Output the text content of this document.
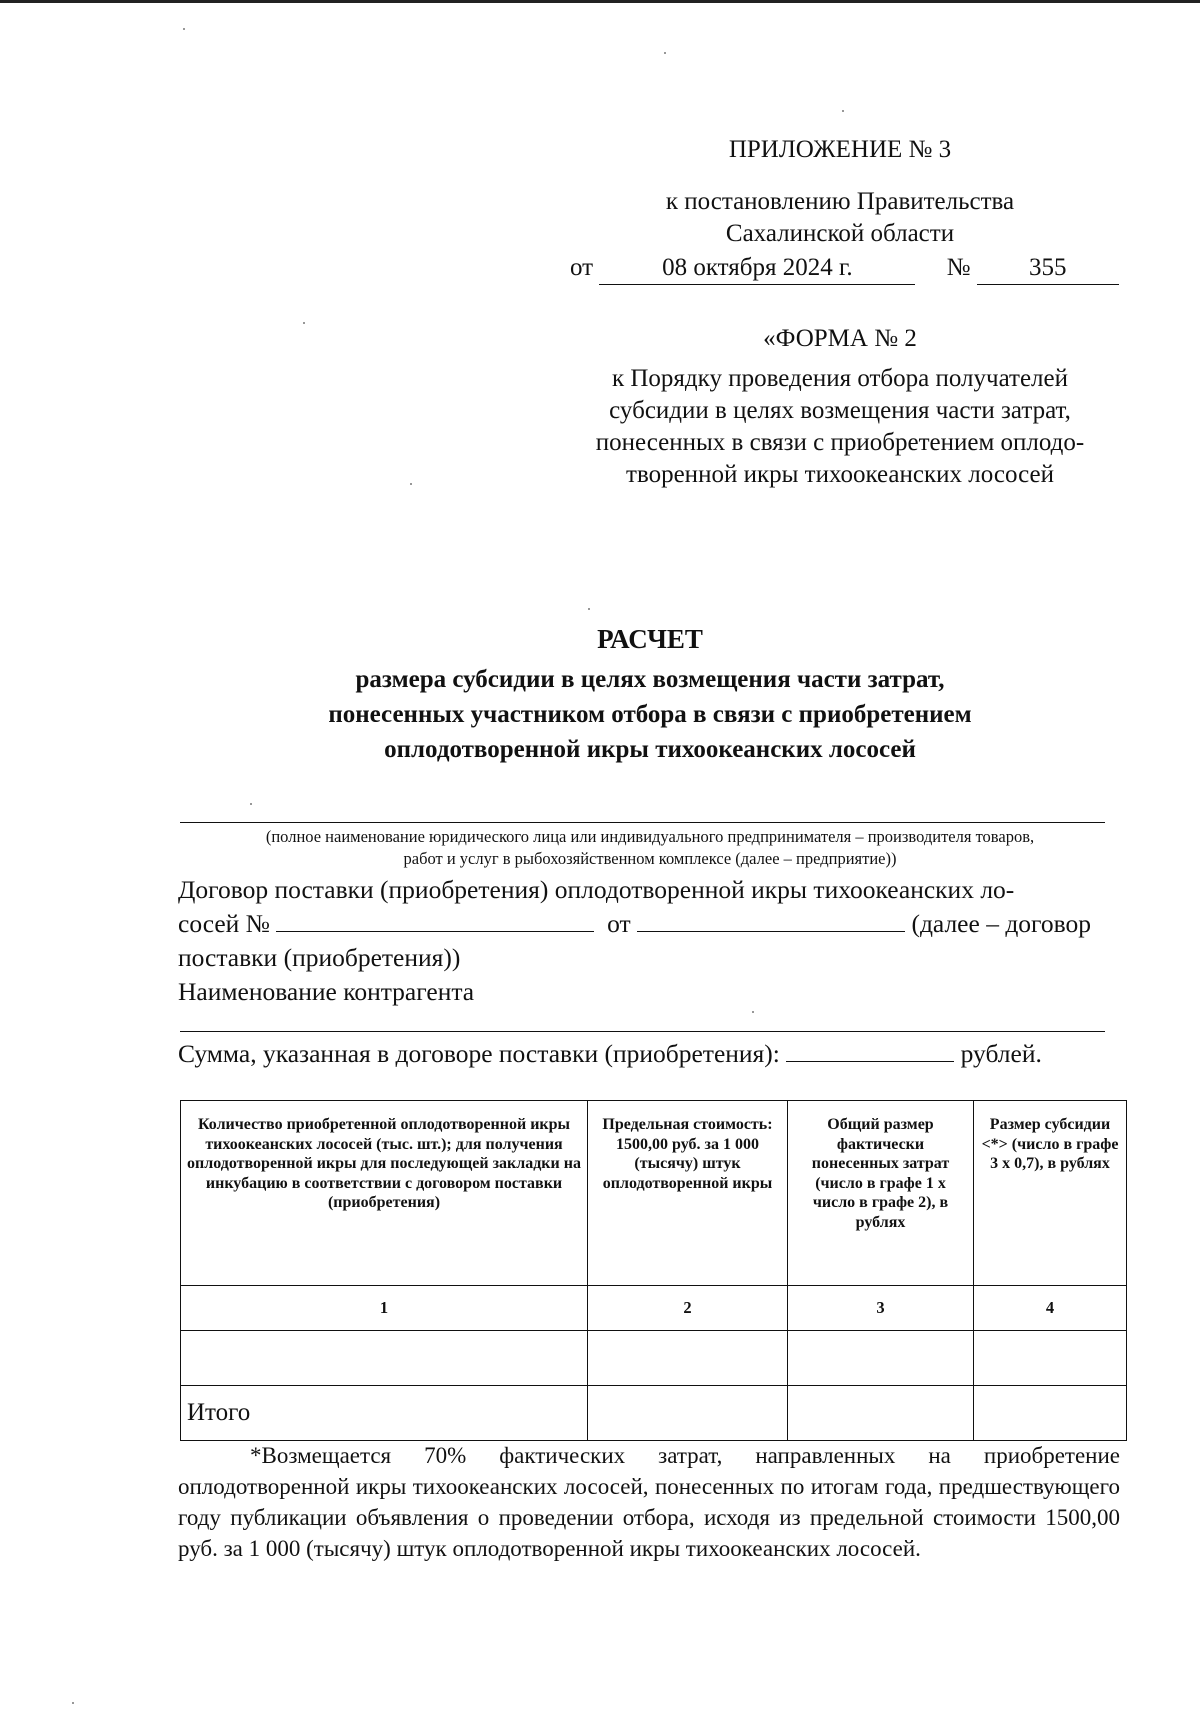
ПРИЛОЖЕНИЕ № 3
к постановлению Правительства
Сахалинской области
от	08 октября 2024 г.	№ 355
«ФОРМА № 2
к Порядку проведения отбора получателей
субсидии в целях возмещения части затрат,
понесенных в связи с приобретением оплодо-
творенной икры тихоокеанских лососей
РАСЧЕТ
размера субсидии в целях возмещения части затрат,
понесенных участником отбора в связи с приобретением
оплодотворенной икры тихоокеанских лососей
(полное наименование юридического лица или индивидуального предпринимателя – производителя товаров,
работ и услуг в рыбохозяйственном комплексе (далее – предприятие))
Договор поставки (приобретения) оплодотворенной икры тихоокеанских ло-
сосей №	от	(далее – договор
поставки (приобретения))
Наименование контрагента
Сумма, указанная в договоре поставки (приобретения):	рублей.
Количество приобретенной оплодотворенной икры тихоокеанских лососей (тыс. шт.); для получения оплодотворенной икры для последующей закладки на инкубацию в соответствии с договором поставки (приобретения)	Предельная стоимость: 1500,00 руб. за 1 000 (тысячу) штук оплодотворенной икры	Общий размер фактически понесенных затрат (число в графе 1 х число в графе 2), в рублях	Размер субсидии <*> (число в графе 3 х 0,7), в рублях
1	2	3	4

Итого			
*Возмещается 70% фактических затрат, направленных на приобретение оплодотворенной икры тихоокеанских лососей, понесенных по итогам года, предшествующего году публикации объявления о проведении отбора, исходя из предельной стоимости 1500,00 руб. за 1 000 (тысячу) штук оплодотворенной икры тихоокеанских лососей.
